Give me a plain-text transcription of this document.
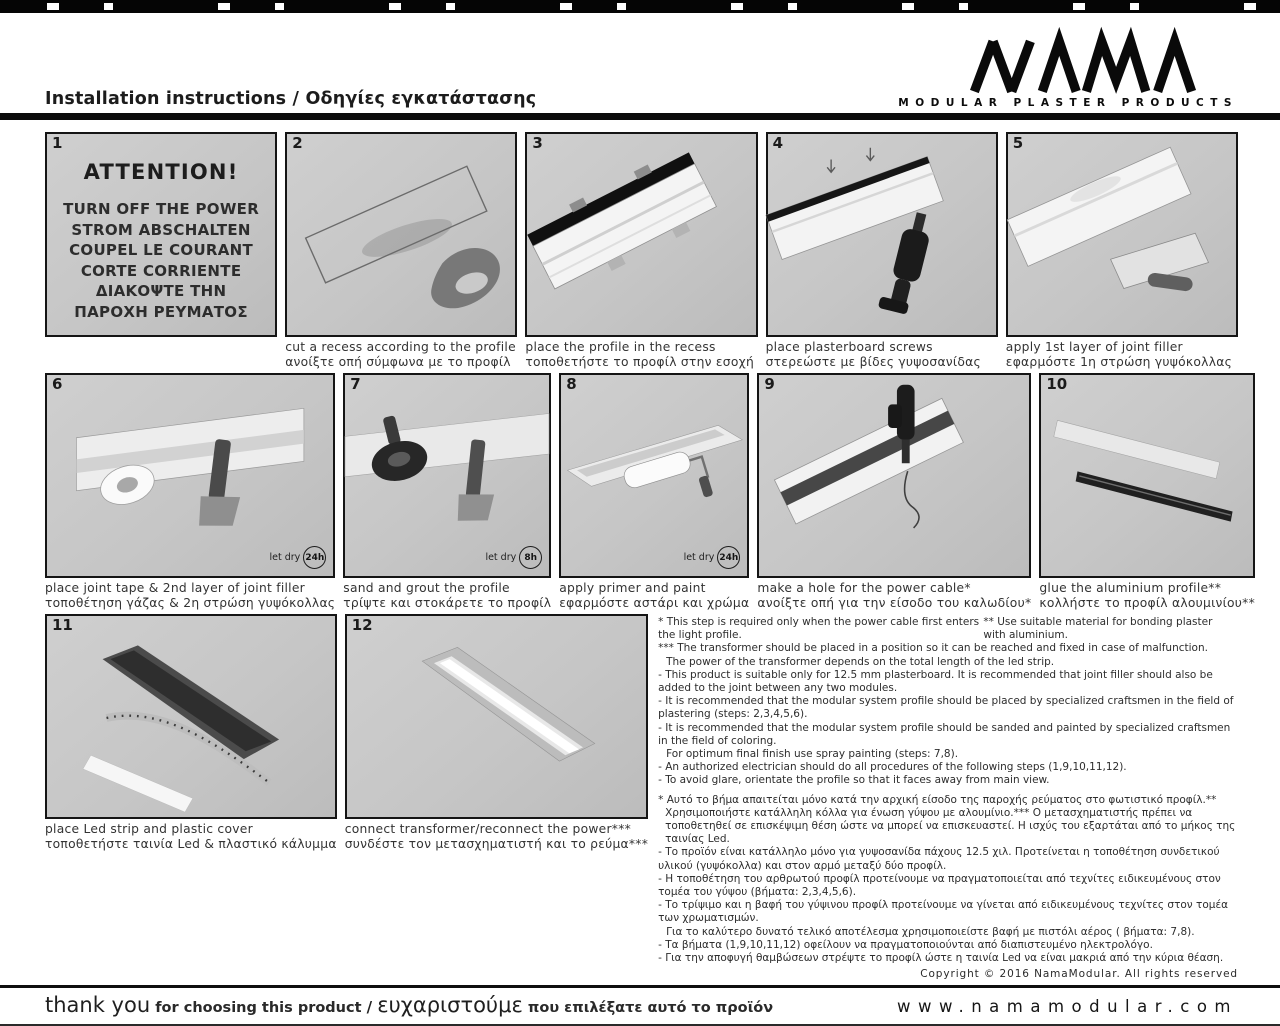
Installation instructions / Οδηγίες εγκατάστασης	MODULAR PLASTER PRODUCTS
1
ATTENTION!
TURN OFF THE POWER
STROM ABSCHALTEN
COUPEL LE COURANT
CORTE CORRIENTE
ΔΙΑΚΟΨΤΕ ΤΗΝ
ΠΑΡΟΧΗ ΡΕΥΜΑΤΟΣ
2
cut a recess according to the profile
ανοίξτε οπή σύμφωνα με το προφίλ
3
place the profile in the recess
τοποθετήστε το προφίλ στην εσοχή
4
place plasterboard screws
στερεώστε με βίδες γυψοσανίδας
5
apply 1st layer of joint filler
εφαρμόστε 1η στρώση γυψόκολλας
6
let dry 24h
place joint tape & 2nd layer of joint filler
τοποθέτηση γάζας & 2η στρώση γυψόκολλας
7
let dry 8h
sand and grout the profile
τρίψτε και στοκάρετε το προφίλ
8
let dry 24h
apply primer and paint
εφαρμόστε αστάρι και χρώμα
9
make a hole for the power cable*
ανοίξτε οπή για την είσοδο του καλωδίου*
10
glue the aluminium profile**
κολλήστε το προφίλ αλουμινίου**
11
place Led strip and plastic cover
τοποθετήστε ταινία Led & πλαστικό κάλυμμα
12
connect transformer/reconnect the power***
συνδέστε τον μετασχηματιστή και το ρεύμα***
* This step is required only when the power cable first enters the light profile.
** Use suitable material for bonding plaster with aluminium.
*** The transformer should be placed in a position so it can be reached and fixed in case of malfunction.
The power of the transformer depends on the total length of the led strip.
- This product is suitable only for 12.5 mm plasterboard. It is recommended that joint filler should also be added to the joint between any two modules.
- It is recommended that the modular system profile should be placed by specialized craftsmen in the field of plastering (steps: 2,3,4,5,6).
- It is recommended that the modular system profile should be sanded and painted by specialized craftsmen in the field of coloring.
For optimum final finish use spray painting (steps: 7,8).
- An authorized electrician should do all procedures of the following steps (1,9,10,11,12).
- To avoid glare, orientate the profile so that it faces away from main view.
* Αυτό το βήμα απαιτείται μόνο κατά την αρχική είσοδο της παροχής ρεύματος στο φωτιστικό προφίλ.** Χρησιμοποιήστε κατάλληλη κόλλα για ένωση γύψου με αλουμίνιο.*** Ο μετασχηματιστής πρέπει να τοποθετηθεί σε επισκέψιμη θέση ώστε να μπορεί να επισκευαστεί. Η ισχύς του εξαρτάται από το μήκος της ταινίας Led.
- Το προϊόν είναι κατάλληλο μόνο για γυψοσανίδα πάχους 12.5 χιλ. Προτείνεται η τοποθέτηση συνδετικού υλικού (γυψόκολλα) και στον αρμό μεταξύ δύο προφίλ.
- Η τοποθέτηση του αρθρωτού προφίλ προτείνουμε να πραγματοποιείται από τεχνίτες ειδικευμένους στον τομέα του γύψου (βήματα: 2,3,4,5,6).
- Το τρίψιμο και η βαφή του γύψινου προφίλ προτείνουμε να γίνεται από ειδικευμένους τεχνίτες στον τομέα των χρωματισμών.
Για το καλύτερο δυνατό τελικό αποτέλεσμα χρησιμοποιείστε βαφή με πιστόλι αέρος ( βήματα: 7,8).
- Τα βήματα (1,9,10,11,12) οφείλουν να πραγματοποιούνται από διαπιστευμένο ηλεκτρολόγο.
- Για την αποφυγή θαμβώσεων στρέψτε το προφίλ ώστε η ταινία Led να είναι μακριά από την κύρια θέαση.
Copyright © 2016 NamaModular. All rights reserved
thank you for choosing this product / ευχαριστούμε που επιλέξατε αυτό το προϊόν	www.namamodular.com
